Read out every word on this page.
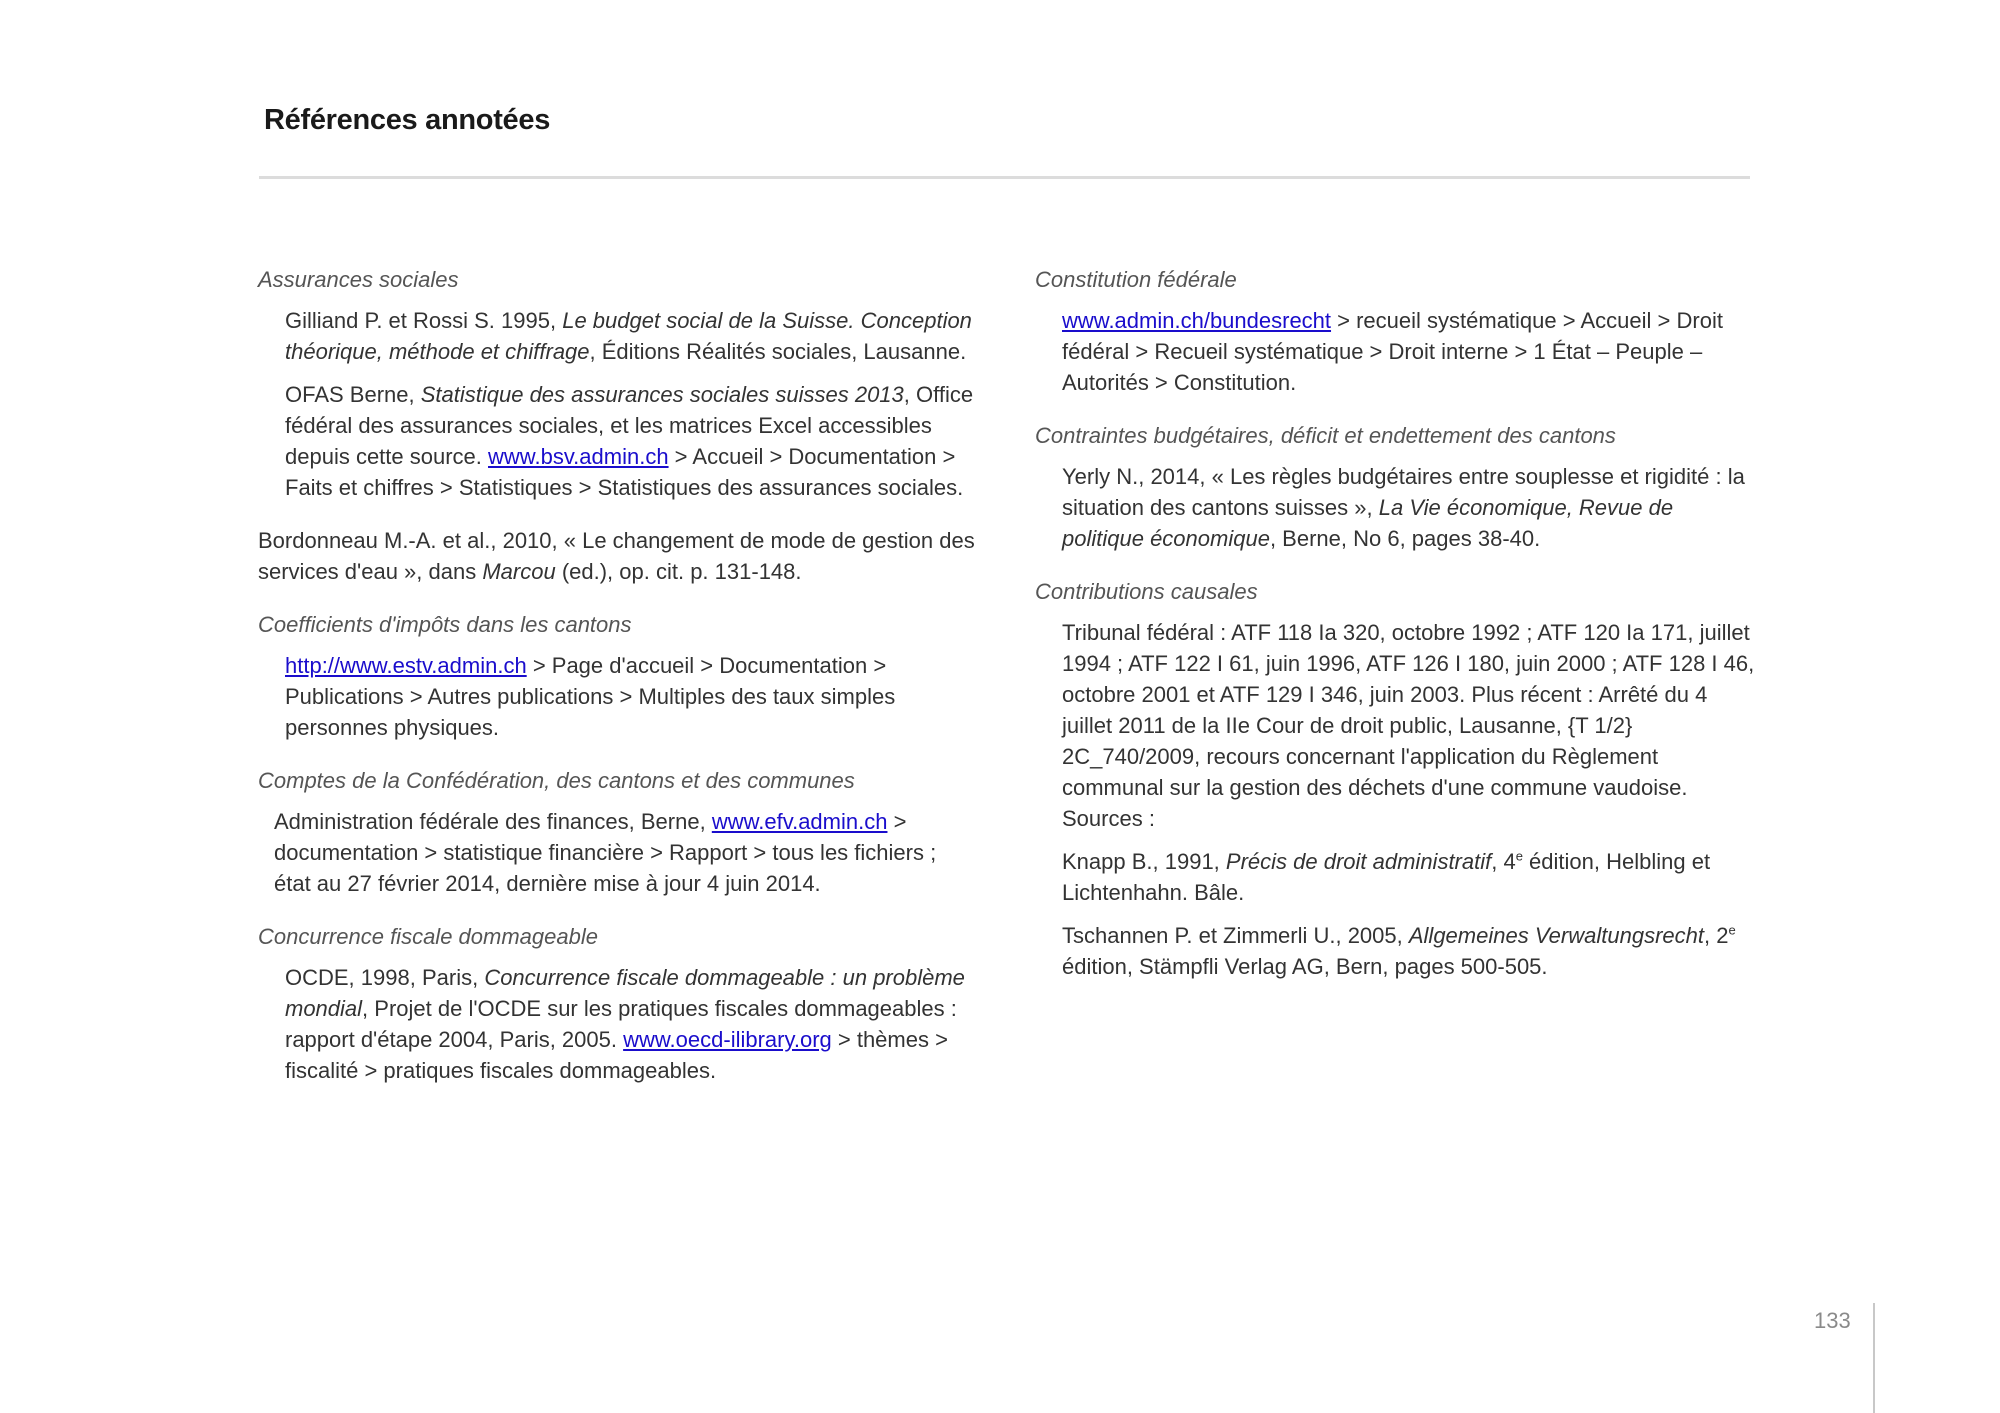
Références annotées
Assurances sociales
Gilliand P. et Rossi S. 1995, Le budget social de la Suisse. Conception théorique, méthode et chiffrage, Éditions Réalités sociales, Lausanne.
OFAS Berne, Statistique des assurances sociales suisses 2013, Office fédéral des assurances sociales, et les matrices Excel accessibles depuis cette source. www.bsv.admin.ch > Accueil > Documentation > Faits et chiffres > Statistiques > Statistiques des assurances sociales.
Bordonneau M.-A. et al., 2010, « Le changement de mode de gestion des services d'eau », dans Marcou (ed.), op. cit. p. 131-148.
Coefficients d'impôts dans les cantons
http://www.estv.admin.ch > Page d'accueil > Documentation > Publications > Autres publications > Multiples des taux simples personnes physiques.
Comptes de la Confédération, des cantons et des communes
Administration fédérale des finances, Berne, www.efv.admin.ch > documentation > statistique financière > Rapport > tous les fichiers ; état au 27 février 2014, dernière mise à jour 4 juin 2014.
Concurrence fiscale dommageable
OCDE, 1998, Paris, Concurrence fiscale dommageable : un problème mondial, Projet de l'OCDE sur les pratiques fiscales dommageables : rapport d'étape 2004, Paris, 2005. www.oecd-ilibrary.org > thèmes > fiscalité > pratiques fiscales dommageables.
Constitution fédérale
www.admin.ch/bundesrecht > recueil systématique > Accueil > Droit fédéral > Recueil systématique > Droit interne > 1 État – Peuple – Autorités > Constitution.
Contraintes budgétaires, déficit et endettement des cantons
Yerly N., 2014, « Les règles budgétaires entre souplesse et rigidité : la situation des cantons suisses », La Vie économique, Revue de politique économique, Berne, No 6, pages 38-40.
Contributions causales
Tribunal fédéral : ATF 118 Ia 320, octobre 1992 ; ATF 120 Ia 171, juillet 1994 ; ATF 122 I 61, juin 1996, ATF 126 I 180, juin 2000 ; ATF 128 I 46, octobre 2001 et ATF 129 I 346, juin 2003. Plus récent : Arrêté du 4 juillet 2011 de la IIe Cour de droit public, Lausanne, {T 1/2} 2C_740/2009, recours concernant l'application du Règlement communal sur la gestion des déchets d'une commune vaudoise. Sources :
Knapp B., 1991, Précis de droit administratif, 4e édition, Helbling et Lichtenhahn. Bâle.
Tschannen P. et Zimmerli U., 2005, Allgemeines Verwaltungsrecht, 2e édition, Stämpfli Verlag AG, Bern, pages 500-505.
133
